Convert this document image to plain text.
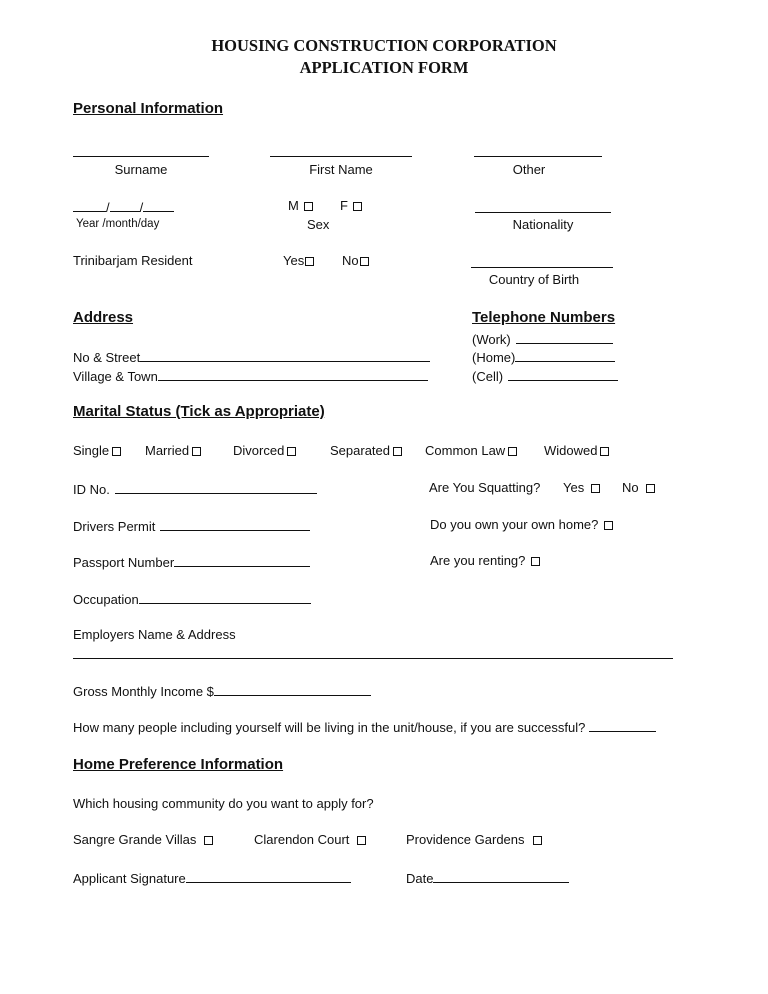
HOUSING CONSTRUCTION CORPORATION
APPLICATION FORM
Personal Information
Surname	First Name	Other
/ /
Year /month/day
M	F
Sex	Nationality
Trinibarjam Resident	Yes	No
Country of Birth
Address
No & Street
Village & Town
Telephone Numbers
(Work)
(Home)
(Cell)
Marital Status (Tick as Appropriate)
Single	Married	Divorced	Separated	Common Law	Widowed
ID No.	Are You Squatting? Yes	No
Drivers Permit	Do you own your own home?
Passport Number	Are you renting?
Occupation
Employers Name & Address
Gross Monthly Income $
How many people including yourself will be living in the unit/house, if you are successful?
Home Preference Information
Which housing community do you want to apply for?
Sangre Grande Villas	Clarendon Court	Providence Gardens
Applicant Signature	Date
